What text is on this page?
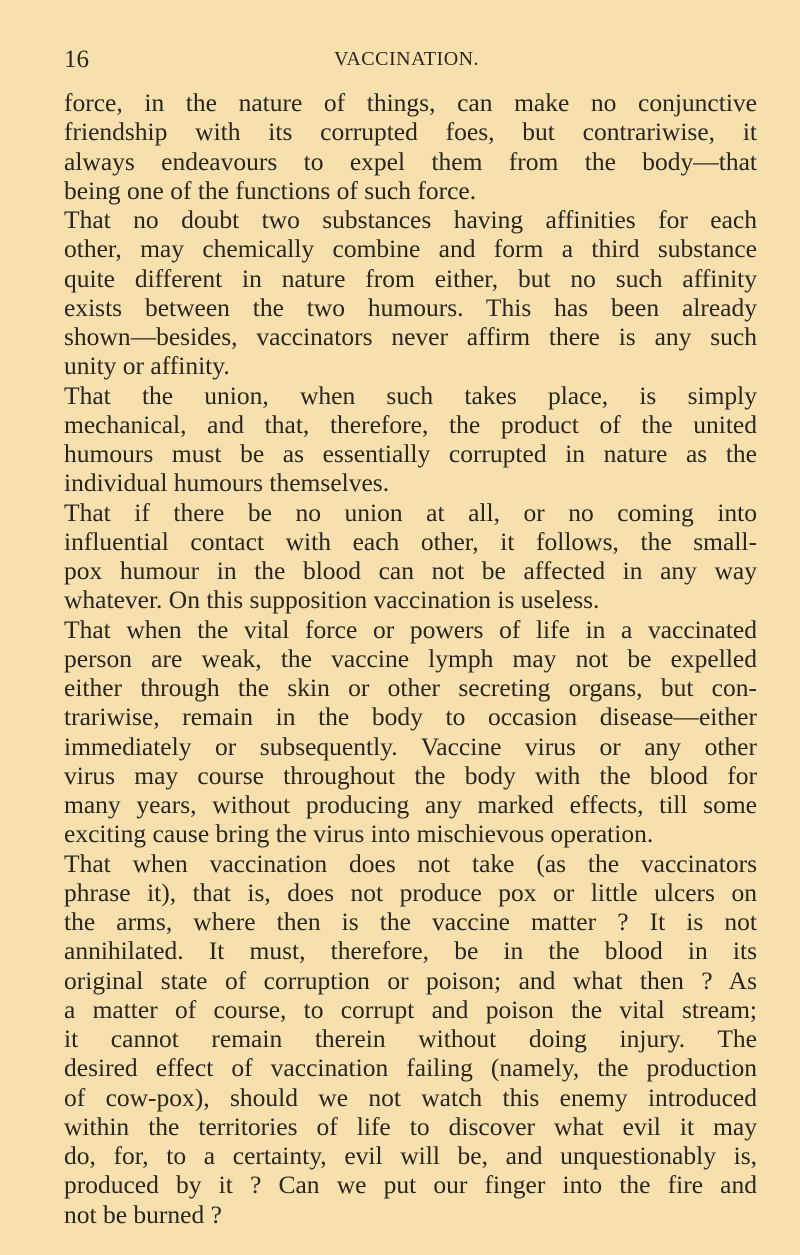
16	VACCINATION.
force, in the nature of things, can make no conjunctive
friendship with its corrupted foes, but contrariwise, it
always endeavours to expel them from the body—that
being one of the functions of such force.
That no doubt two substances having affinities for each
other, may chemically combine and form a third substance
quite different in nature from either, but no such affinity
exists between the two humours. This has been already
shown—besides, vaccinators never affirm there is any such
unity or affinity.
That the union, when such takes place, is simply
mechanical, and that, therefore, the product of the united
humours must be as essentially corrupted in nature as the
individual humours themselves.
That if there be no union at all, or no coming into
influential contact with each other, it follows, the small-
pox humour in the blood can not be affected in any way
whatever. On this supposition vaccination is useless.
That when the vital force or powers of life in a vaccinated
person are weak, the vaccine lymph may not be expelled
either through the skin or other secreting organs, but con-
trariwise, remain in the body to occasion disease—either
immediately or subsequently. Vaccine virus or any other
virus may course throughout the body with the blood for
many years, without producing any marked effects, till some
exciting cause bring the virus into mischievous operation.
That when vaccination does not take (as the vaccinators
phrase it), that is, does not produce pox or little ulcers on
the arms, where then is the vaccine matter ? It is not
annihilated. It must, therefore, be in the blood in its
original state of corruption or poison; and what then ? As
a matter of course, to corrupt and poison the vital stream;
it cannot remain therein without doing injury. The
desired effect of vaccination failing (namely, the production
of cow-pox), should we not watch this enemy introduced
within the territories of life to discover what evil it may
do, for, to a certainty, evil will be, and unquestionably is,
produced by it ? Can we put our finger into the fire and
not be burned ?
